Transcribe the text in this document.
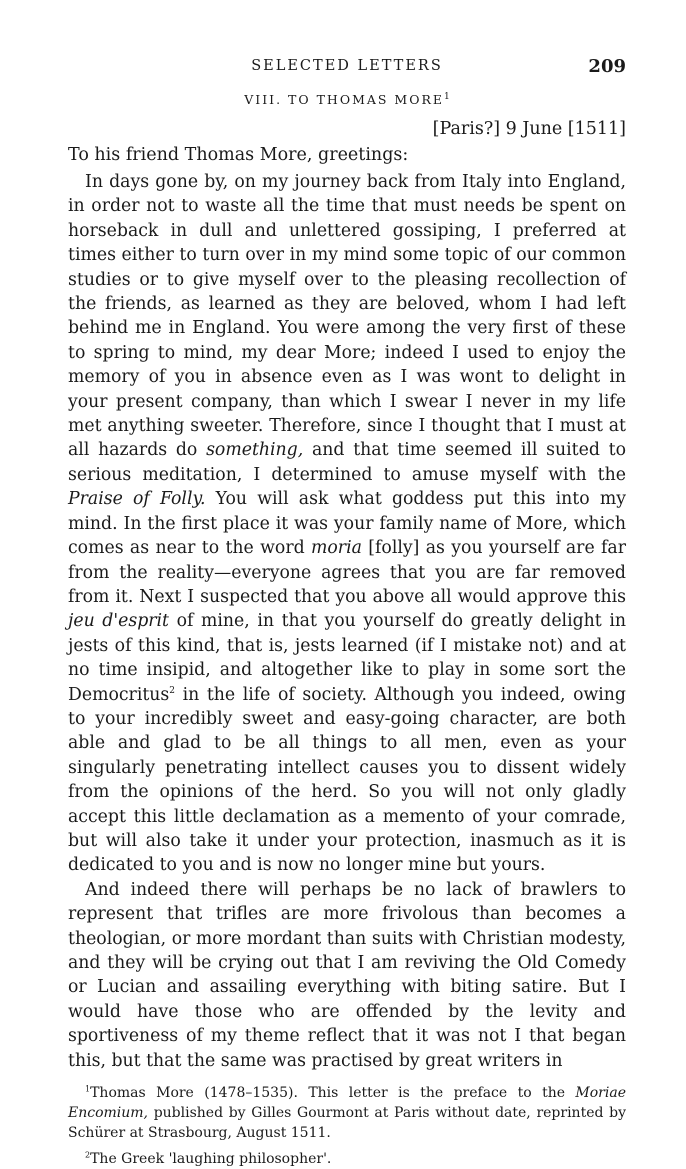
SELECTED LETTERS	209
VIII. TO THOMAS MORE$^1$
[Paris?] 9 June [1511]
To his friend Thomas More, greetings:

In days gone by, on my journey back from Italy into England, in order not to waste all the time that must needs be spent on horseback in dull and unlettered gossiping, I preferred at times either to turn over in my mind some topic of our common studies or to give myself over to the pleasing recollection of the friends, as learned as they are beloved, whom I had left behind me in England. You were among the very first of these to spring to mind, my dear More; indeed I used to enjoy the memory of you in absence even as I was wont to delight in your present company, than which I swear I never in my life met anything sweeter. Therefore, since I thought that I must at all hazards do something, and that time seemed ill suited to serious meditation, I determined to amuse myself with the Praise of Folly. You will ask what goddess put this into my mind. In the first place it was your family name of More, which comes as near to the word moria [folly] as you yourself are far from the reality—everyone agrees that you are far removed from it. Next I suspected that you above all would approve this jeu d'esprit of mine, in that you yourself do greatly delight in jests of this kind, that is, jests learned (if I mistake not) and at no time insipid, and altogether like to play in some sort the Democritus$^2$ in the life of society. Although you indeed, owing to your incredibly sweet and easy-going character, are both able and glad to be all things to all men, even as your singularly penetrating intellect causes you to dissent widely from the opinions of the herd. So you will not only gladly accept this little declamation as a memento of your comrade, but will also take it under your protection, inasmuch as it is dedicated to you and is now no longer mine but yours.

And indeed there will perhaps be no lack of brawlers to represent that trifles are more frivolous than becomes a theologian, or more mordant than suits with Christian modesty, and they will be crying out that I am reviving the Old Comedy or Lucian and assailing everything with biting satire. But I would have those who are offended by the levity and sportiveness of my theme reflect that it was not I that began this, but that the same was practised by great writers in

$^1$Thomas More (1478–1535). This letter is the preface to the Moriae Encomium, published by Gilles Gourmont at Paris without date, reprinted by Schürer at Strasbourg, August 1511.

$^2$The Greek 'laughing philosopher'.
